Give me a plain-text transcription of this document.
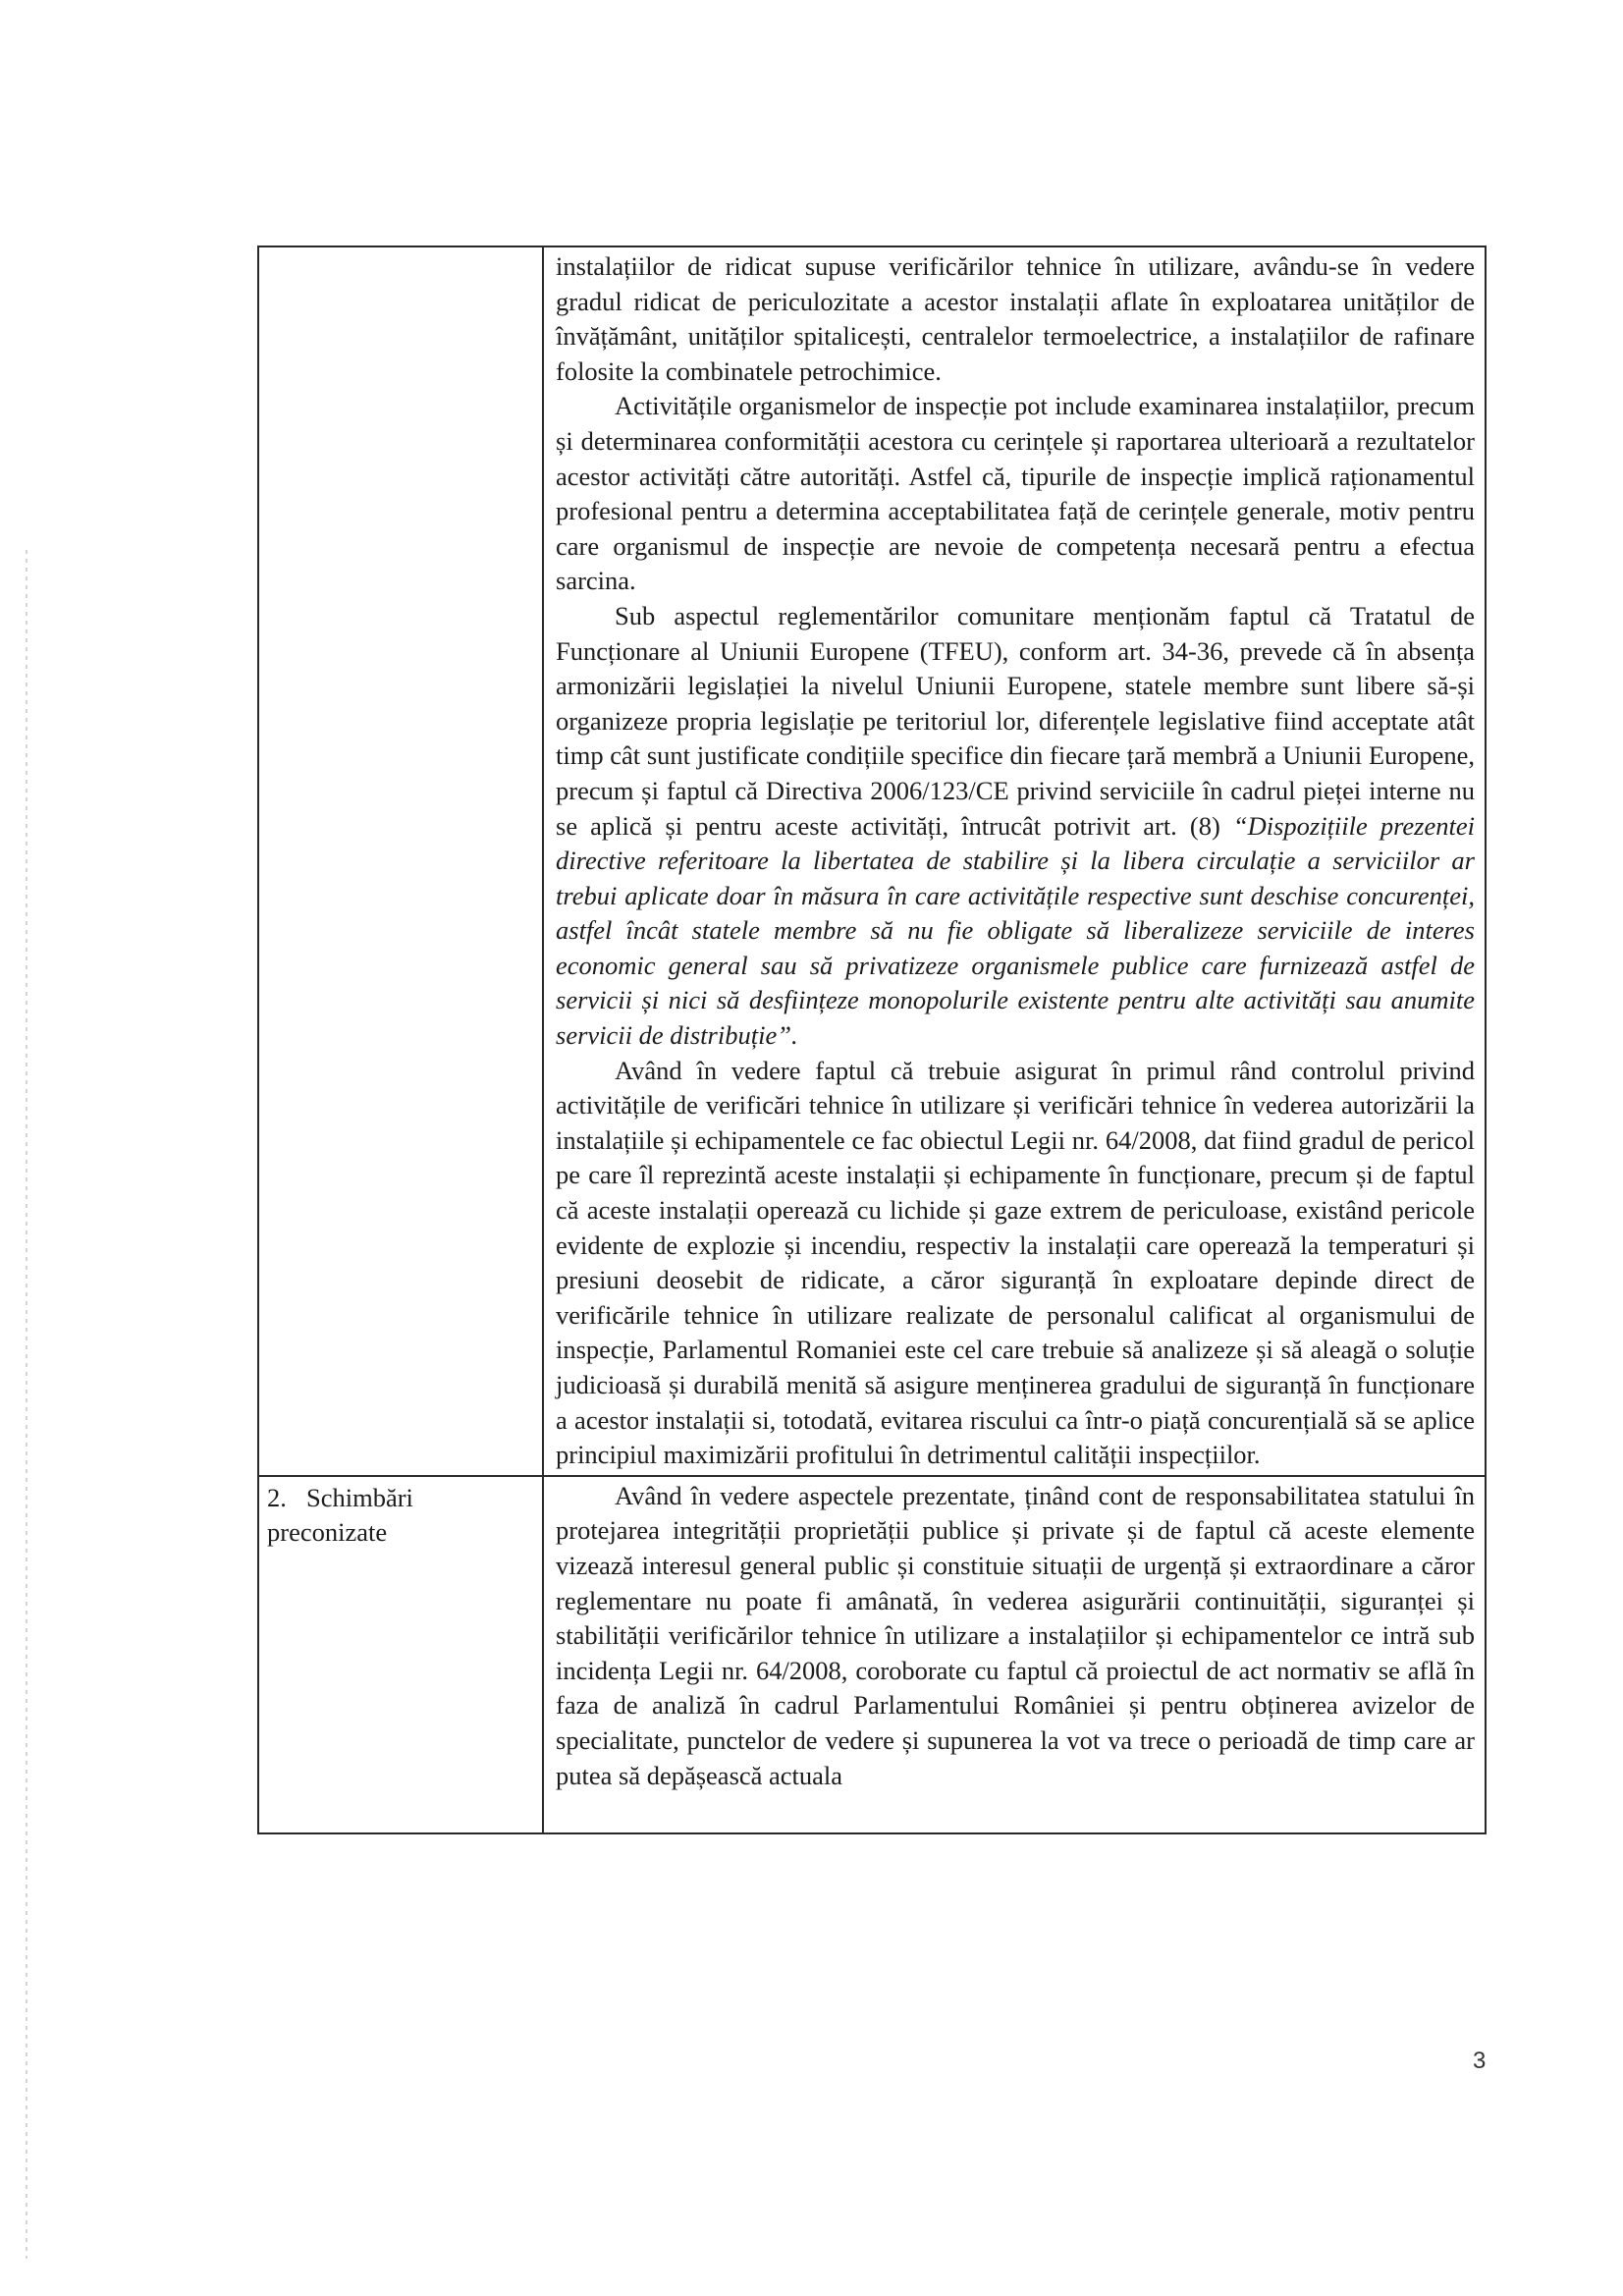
	instalațiilor de ridicat supuse verificărilor tehnice în utilizare, avându-se în vedere gradul ridicat de periculozitate a acestor instalații aflate în exploatarea unităților de învățământ, unităților spitalicești, centralelor termoelectrice, a instalațiilor de rafinare folosite la combinatele petrochimice.

Activitățile organismelor de inspecție pot include examinarea instalațiilor, precum și determinarea conformității acestora cu cerințele și raportarea ulterioară a rezultatelor acestor activități către autorități. Astfel că, tipurile de inspecție implică raționamentul profesional pentru a determina acceptabilitatea față de cerințele generale, motiv pentru care organismul de inspecție are nevoie de competența necesară pentru a efectua sarcina.

Sub aspectul reglementărilor comunitare menționăm faptul că Tratatul de Funcționare al Uniunii Europene (TFEU), conform art. 34-36, prevede că în absența armonizării legislației la nivelul Uniunii Europene, statele membre sunt libere să-și organizeze propria legislație pe teritoriul lor, diferențele legislative fiind acceptate atât timp cât sunt justificate condițiile specifice din fiecare țară membră a Uniunii Europene, precum și faptul că Directiva 2006/123/CE privind serviciile în cadrul pieței interne nu se aplică și pentru aceste activități, întrucât potrivit art. (8) “Dispozițiile prezentei directive referitoare la libertatea de stabilire și la libera circulație a serviciilor ar trebui aplicate doar în măsura în care activitățile respective sunt deschise concurenței, astfel încât statele membre să nu fie obligate să liberalizeze serviciile de interes economic general sau să privatizeze organismele publice care furnizează astfel de servicii și nici să desființeze monopolurile existente pentru alte activități sau anumite servicii de distribuție”.

Având în vedere faptul că trebuie asigurat în primul rând controlul privind activitățile de verificări tehnice în utilizare și verificări tehnice în vederea autorizării la instalațiile și echipamentele ce fac obiectul Legii nr. 64/2008, dat fiind gradul de pericol pe care îl reprezintă aceste instalații și echipamente în funcționare, precum și de faptul că aceste instalații operează cu lichide și gaze extrem de periculoase, existând pericole evidente de explozie și incendiu, respectiv la instalații care operează la temperaturi și presiuni deosebit de ridicate, a căror siguranță în exploatare depinde direct de verificările tehnice în utilizare realizate de personalul calificat al organismului de inspecție, Parlamentul Romaniei este cel care trebuie să analizeze și să aleagă o soluție judicioasă și durabilă menită să asigure menținerea gradului de siguranță în funcționare a acestor instalații si, totodată, evitarea riscului ca într-o piață concurențială să se aplice principiul maximizării profitului în detrimentul calității inspecțiilor.

2. Schimbări preconizate	Având în vedere aspectele prezentate, ținând cont de responsabilitatea statului în protejarea integrității proprietății publice și private și de faptul că aceste elemente vizează interesul general public și constituie situații de urgență și extraordinare a căror reglementare nu poate fi amânată, în vederea asigurării continuității, siguranței și stabilității verificărilor tehnice în utilizare a instalațiilor și echipamentelor ce intră sub incidența Legii nr. 64/2008, coroborate cu faptul că proiectul de act normativ se află în faza de analiză în cadrul Parlamentului României și pentru obținerea avizelor de specialitate, punctelor de vedere și supunerea la vot va trece o perioadă de timp care ar putea să depășească actuala

3
